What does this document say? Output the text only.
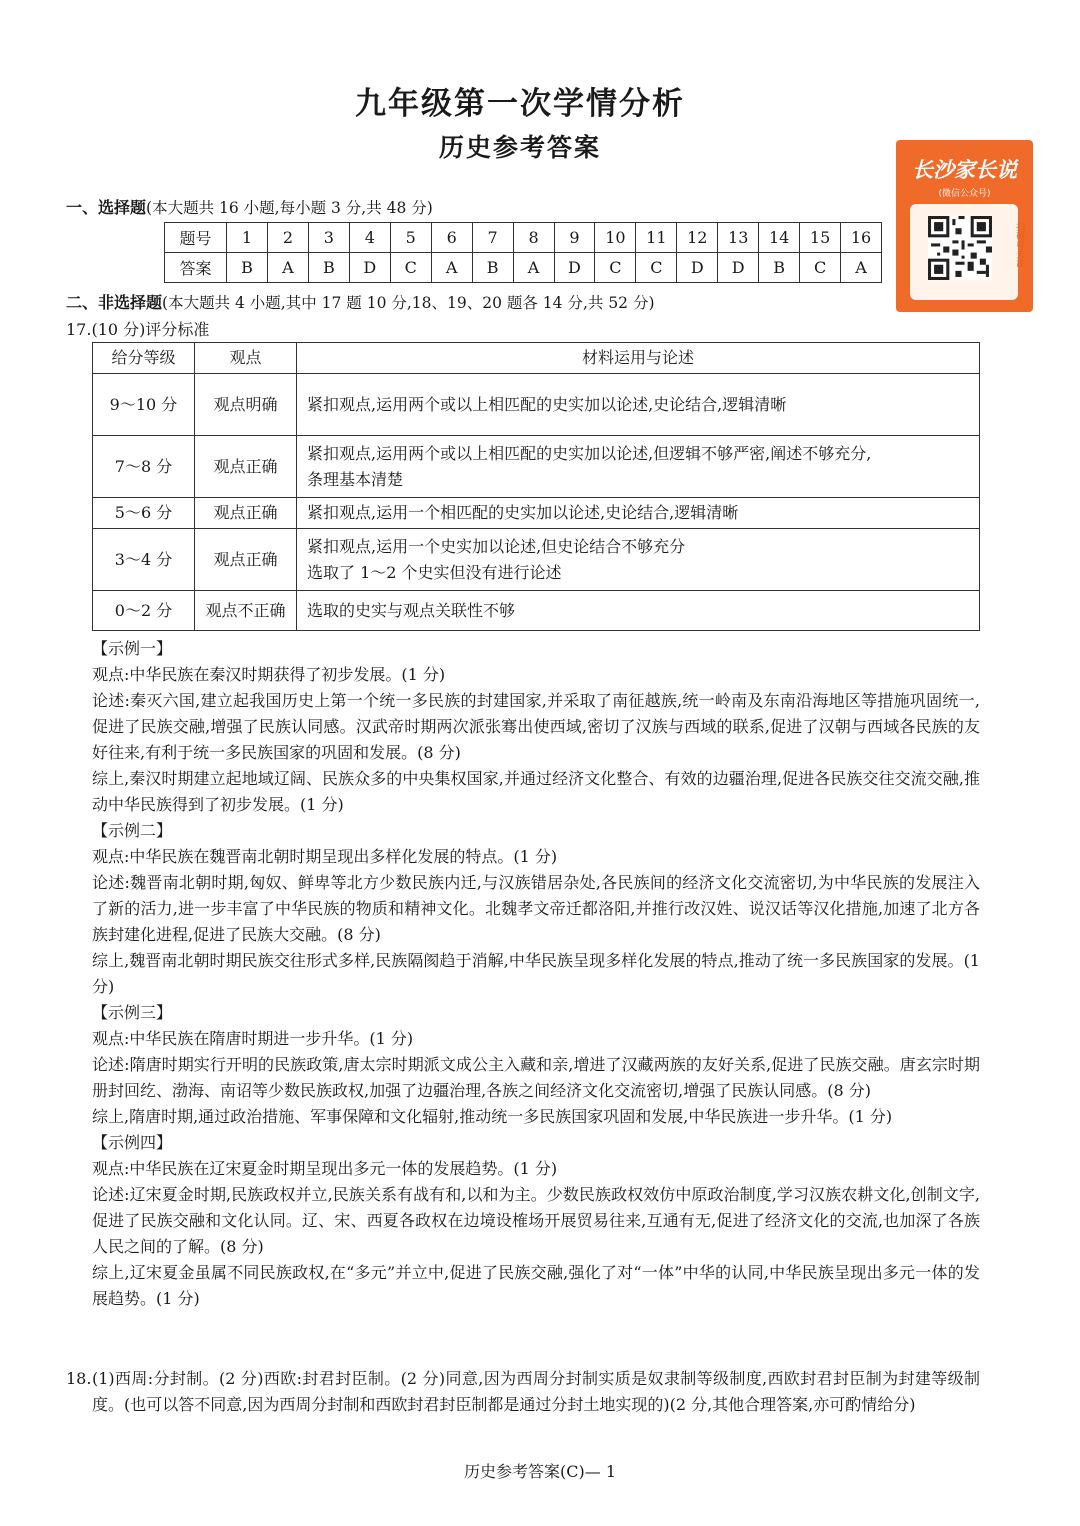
九年级第一次学情分析
历史参考答案
长沙家长说
(微信公众号)
扫码可关注
一、选择题(本大题共 16 小题,每小题 3 分,共 48 分)
题号	1	2	3	4	5	6	7	8	9	10	11	12	13	14	15	16
答案	B	A	B	D	C	A	B	A	D	C	C	D	D	B	C	A
二、非选择题(本大题共 4 小题,其中 17 题 10 分,18、19、20 题各 14 分,共 52 分)
17.(10 分)评分标准
给分等级	观点	材料运用与论述
9～10 分	观点明确	紧扣观点,运用两个或以上相匹配的史实加以论述,史论结合,逻辑清晰
7～8 分	观点正确	紧扣观点,运用两个或以上相匹配的史实加以论述,但逻辑不够严密,阐述不够充分,
条理基本清楚

5～6 分	观点正确	紧扣观点,运用一个相匹配的史实加以论述,史论结合,逻辑清晰
3～4 分	观点正确	紧扣观点,运用一个史实加以论述,但史论结合不够充分
选取了 1～2 个史实但没有进行论述

0～2 分	观点不正确	选取的史实与观点关联性不够

【示例一】

观点:中华民族在秦汉时期获得了初步发展。(1 分)

论述:秦灭六国,建立起我国历史上第一个统一多民族的封建国家,并采取了南征越族,统一岭南及东南沿海地区等措施巩固统一,促进了民族交融,增强了民族认同感。汉武帝时期两次派张骞出使西域,密切了汉族与西域的联系,促进了汉朝与西域各民族的友好往来,有利于统一多民族国家的巩固和发展。(8 分)

综上,秦汉时期建立起地域辽阔、民族众多的中央集权国家,并通过经济文化整合、有效的边疆治理,促进各民族交往交流交融,推动中华民族得到了初步发展。(1 分)

【示例二】

观点:中华民族在魏晋南北朝时期呈现出多样化发展的特点。(1 分)

论述:魏晋南北朝时期,匈奴、鲜卑等北方少数民族内迁,与汉族错居杂处,各民族间的经济文化交流密切,为中华民族的发展注入了新的活力,进一步丰富了中华民族的物质和精神文化。北魏孝文帝迁都洛阳,并推行改汉姓、说汉话等汉化措施,加速了北方各族封建化进程,促进了民族大交融。(8 分)

综上,魏晋南北朝时期民族交往形式多样,民族隔阂趋于消解,中华民族呈现多样化发展的特点,推动了统一多民族国家的发展。(1 分)

【示例三】

观点:中华民族在隋唐时期进一步升华。(1 分)

论述:隋唐时期实行开明的民族政策,唐太宗时期派文成公主入藏和亲,增进了汉藏两族的友好关系,促进了民族交融。唐玄宗时期册封回纥、渤海、南诏等少数民族政权,加强了边疆治理,各族之间经济文化交流密切,增强了民族认同感。(8 分)

综上,隋唐时期,通过政治措施、军事保障和文化辐射,推动统一多民族国家巩固和发展,中华民族进一步升华。(1 分)

【示例四】

观点:中华民族在辽宋夏金时期呈现出多元一体的发展趋势。(1 分)

论述:辽宋夏金时期,民族政权并立,民族关系有战有和,以和为主。少数民族政权效仿中原政治制度,学习汉族农耕文化,创制文字,促进了民族交融和文化认同。辽、宋、西夏各政权在边境设榷场开展贸易往来,互通有无,促进了经济文化的交流,也加深了各族人民之间的了解。(8 分)

综上,辽宋夏金虽属不同民族政权,在“多元”并立中,促进了民族交融,强化了对“一体”中华的认同,中华民族呈现出多元一体的发展趋势。(1 分)

18. (1)西周:分封制。(2 分)西欧:封君封臣制。(2 分)同意,因为西周分封制实质是奴隶制等级制度,西欧封君封臣制为封建等级制度。(也可以答不同意,因为西周分封制和西欧封君封臣制都是通过分封土地实现的)(2 分,其他合理答案,亦可酌情给分)
历史参考答案(C)— 1
